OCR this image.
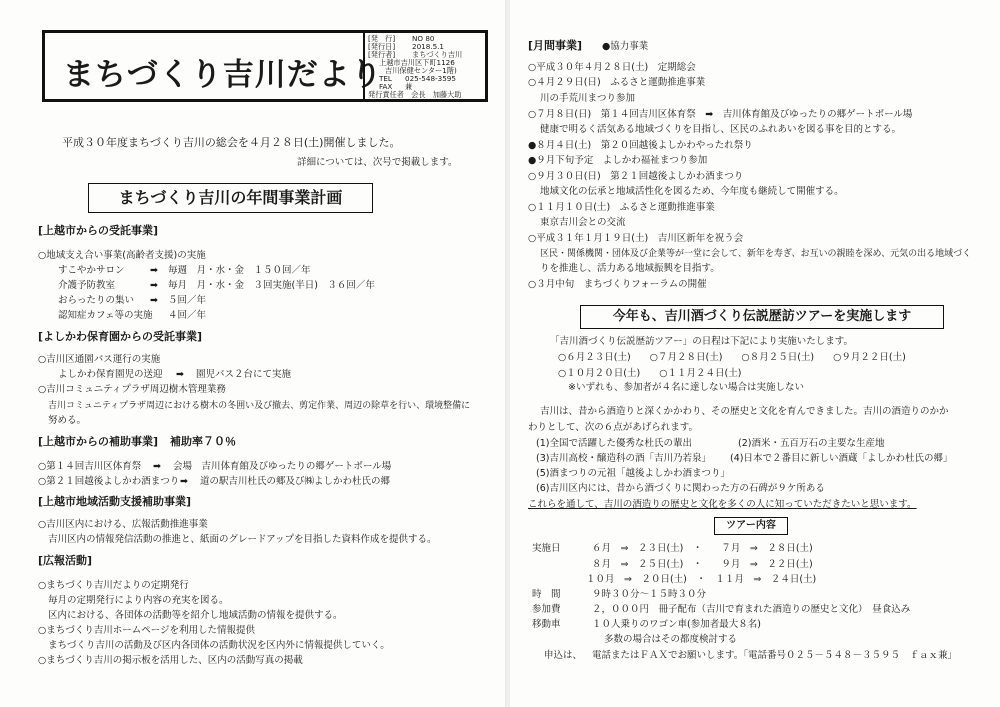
まちづくり吉川だより
[発　行] NO 80
[発行日] 2018.5.1
[発行者] まちづくり吉川
上越市吉川区下町1126
吉川保健センター1階)
TEL 025-548-3595
FAX 兼
発行責任者　会長　加藤大助
平成３０年度まちづくり吉川の総会を４月２８日(土)開催しました。
詳細については、次号で掲載します。
まちづくり吉川の年間事業計画
[上越市からの受託事業]
○地域支え合い事業(高齢者支援)の実施
すこやかサロン	➡ 毎週　月・水・金　１５０回／年
介護予防教室	➡ 毎月　月・水・金　３回実施(半日)　３６回／年
おらったりの集い ➡ ５回／年
認知症カフェ等の実施 ４回／年
[よしかわ保育園からの受託事業]
○吉川区通園バス運行の実施
よしかわ保育園児の送迎 ➡ 園児バス２台にて実施
○吉川コミュニティプラザ周辺樹木管理業務
吉川コミュニティプラザ周辺における樹木の冬囲い及び撤去、剪定作業、周辺の除草を行い、環境整備に
努める。
[上越市からの補助事業] 補助率７０％
○第１４回吉川区体育祭 ➡ 会場　吉川体育館及びゆったりの郷ゲートボール場
○第２１回越後よしかわ酒まつり ➡ 道の駅吉川杜氏の郷及び㈱よしかわ杜氏の郷
[上越市地域活動支援補助事業]
○吉川区内における、広報活動推進事業
吉川区内の情報発信活動の推進と、紙面のグレードアップを目指した資料作成を提供する。
[広報活動]
○まちづくり吉川だよりの定期発行
毎月の定期発行により内容の充実を図る。
区内における、各団体の活動等を紹介し地域活動の情報を提供する。
○まちづくり吉川ホームページを利用した情報提供
まちづくり吉川の活動及び区内各団体の活動状況を区内外に情報提供していく。
○まちづくり吉川の掲示板を活用した、区内の活動写真の掲載
[月間事業] ●協力事業
○平成３０年４月２８日(土)　定期総会
○４月２９日(日)　ふるさと運動推進事業
川の手荒川まつり参加
○７月８日(日)　第１４回吉川区体育祭　➡　吉川体育館及びゆったりの郷ゲートボール場
健康で明るく活気ある地域づくりを目指し、区民のふれあいを図る事を目的とする。
●８月４日(土)　第２０回越後よしかわやったれ祭り
●９月下旬予定　よしかわ福祉まつり参加
○９月３０日(日)　第２１回越後よしかわ酒まつり
地域文化の伝承と地域活性化を図るため、今年度も継続して開催する。
○１１月１０日(土)　ふるさと運動推進事業
東京吉川会との交流
○平成３１年１月１９日(土)　吉川区新年を祝う会
区民・関係機関・団体及び企業等が一堂に会して、新年を寿ぎ、お互いの親睦を深め、元気の出る地域づく
りを推進し、活力ある地域振興を目指す。
○３月中旬　まちづくりフォーラムの開催
今年も、吉川酒づくり伝説歴訪ツアーを実施します
「吉川酒づくり伝説歴訪ツアー」の日程は下記により実施いたします。
○６月２３日(土)　　○７月２８日(土)　　○８月２５日(土)　　○９月２２日(土)
○１０月２０日(土)　　○１１月２４日(土)
※いずれも、参加者が４名に達しない場合は実施しない
吉川は、昔から酒造りと深くかかわり、その歴史と文化を育んできました。吉川の酒造りのかか
わりとして、次の６点があげられます。
(1)全国で活躍した優秀な杜氏の輩出	(2)酒米・五百万石の主要な生産地
(3)吉川高校・醸造科の酒「吉川乃若泉」 (4)日本で２番目に新しい酒蔵「よしかわ杜氏の郷」
(5)酒まつりの元祖「越後よしかわ酒まつり」
(6)吉川区内には、昔から酒づくりに関わった方の石碑が９ケ所ある
これらを通して、吉川の酒造りの歴史と文化を多くの人に知っていただきたいと思います。
ツアー内容
実施日	６月　⇒　２３日(土)　・　　７月　⇒　２８日(土)
８月　⇒　２５日(土)　・　　９月　⇒　２２日(土)
１０月　⇒　２０日(土)　・　１１月　⇒　２４日(土)
時　間	９時３０分～１５時３０分
参加費	２，０００円　冊子配布（吉川で育まれた酒造りの歴史と文化）　昼食込み
移動車	１０人乗りのワゴン車(参加者最大８名)
多数の場合はその都度検討する
申込は、 電話またはＦＡＸでお願いします。「電話番号０２５－５４８－３５９５　ｆａｘ兼」
